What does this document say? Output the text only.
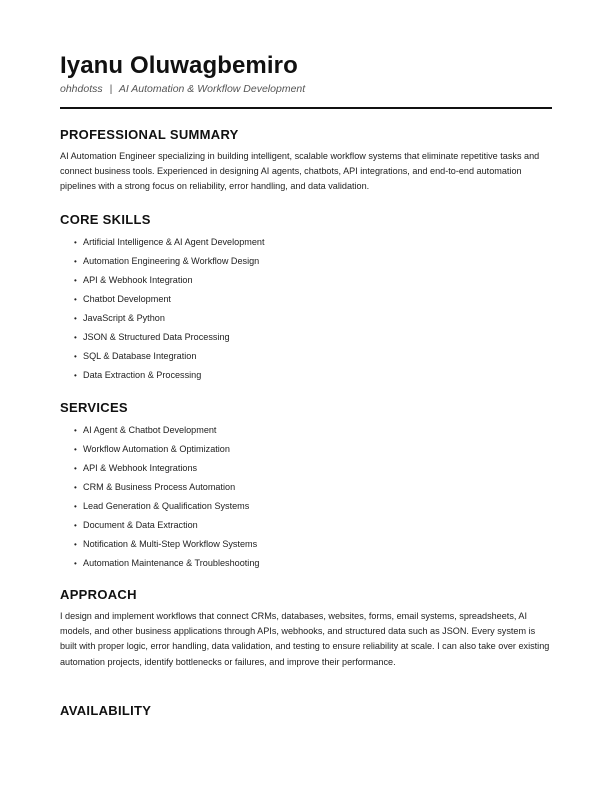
Iyanu Oluwagbemiro
ohhdotss | AI Automation & Workflow Development
PROFESSIONAL SUMMARY
AI Automation Engineer specializing in building intelligent, scalable workflow systems that eliminate repetitive tasks and connect business tools. Experienced in designing AI agents, chatbots, API integrations, and end-to-end automation pipelines with a strong focus on reliability, error handling, and data validation.
CORE SKILLS
• Artificial Intelligence & AI Agent Development
• Automation Engineering & Workflow Design
• API & Webhook Integration
• Chatbot Development
• JavaScript & Python
• JSON & Structured Data Processing
• SQL & Database Integration
• Data Extraction & Processing
SERVICES
• AI Agent & Chatbot Development
• Workflow Automation & Optimization
• API & Webhook Integrations
• CRM & Business Process Automation
• Lead Generation & Qualification Systems
• Document & Data Extraction
• Notification & Multi-Step Workflow Systems
• Automation Maintenance & Troubleshooting
APPROACH
I design and implement workflows that connect CRMs, databases, websites, forms, email systems, spreadsheets, AI models, and other business applications through APIs, webhooks, and structured data such as JSON. Every system is built with proper logic, error handling, data validation, and testing to ensure reliability at scale. I can also take over existing automation projects, identify bottlenecks or failures, and improve their performance.
AVAILABILITY
